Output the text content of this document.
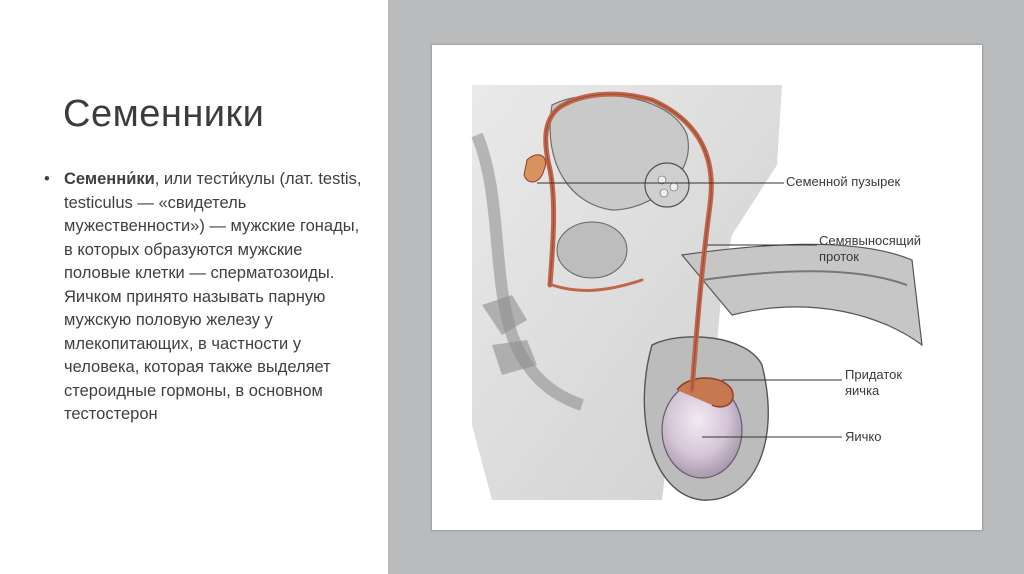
Семенники
• Семенни́ки, или тести́кулы (лат. testis, testiculus — «свидетель мужественности») — мужские гонады, в которых образуются мужские половые клетки — сперматозоиды. Яичком принято называть парную мужскую половую железу у млекопитающих, в частности у человека, которая также выделяет стероидные гормоны, в основном тестостерон
Семенной пузырек
Семявыносящий
проток
Придаток
яичка
Яичко
